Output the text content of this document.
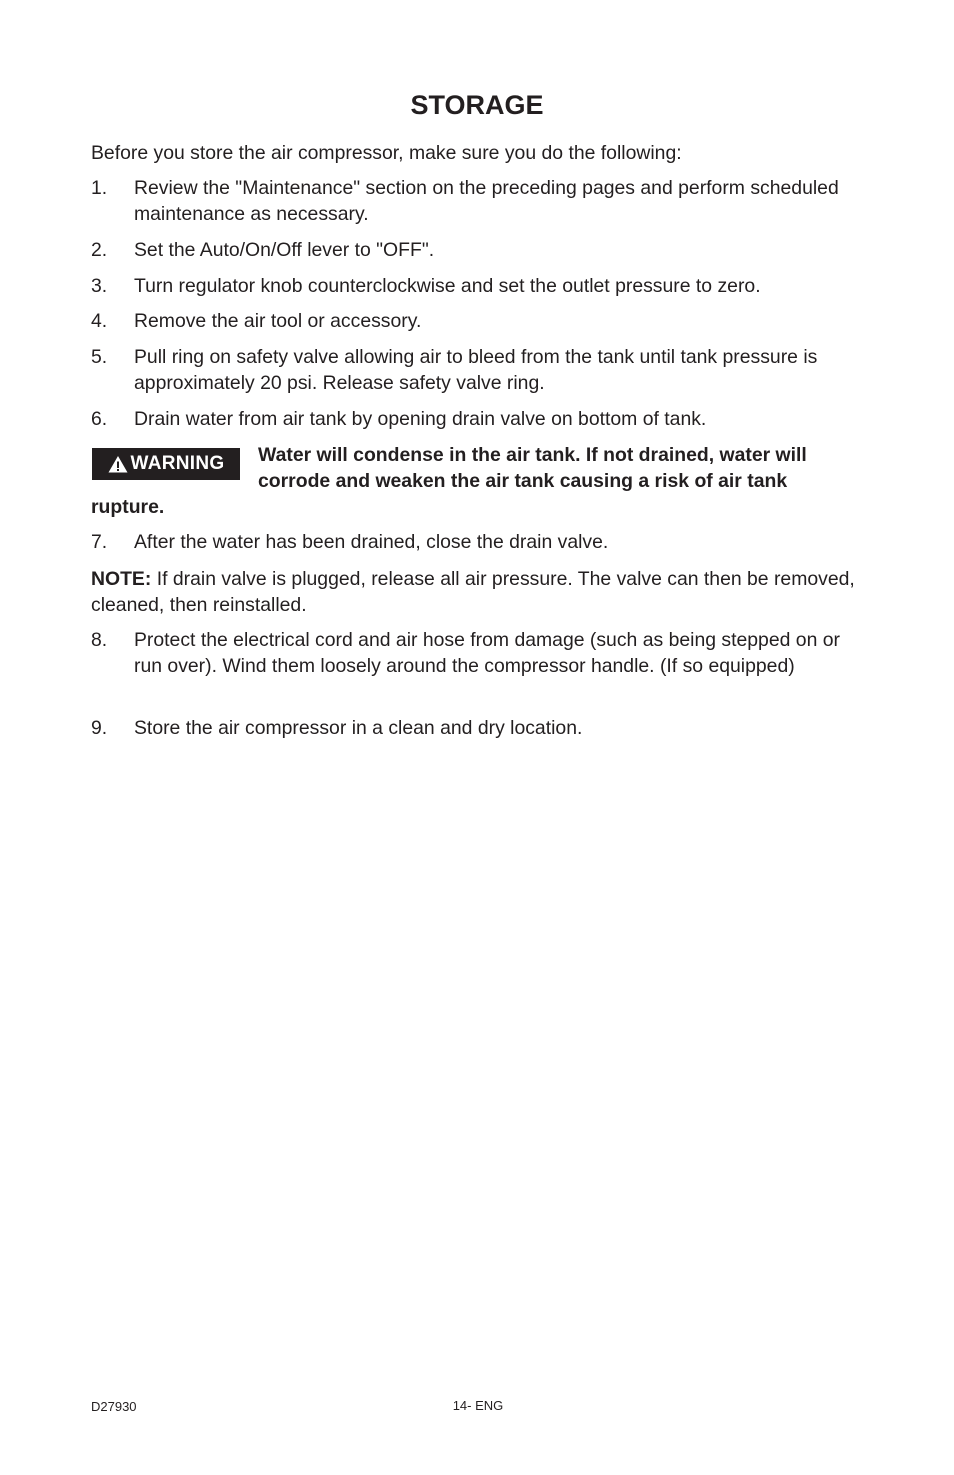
STORAGE

Before you store the air compressor, make sure you do the following:

1.	Review the "Maintenance" section on the preceding pages and perform scheduled maintenance as necessary.
2.	Set the Auto/On/Off lever to "OFF".
3.	Turn regulator knob counterclockwise and set the outlet pressure to zero.
4.	Remove the air tool or accessory.
5.	Pull ring on safety valve allowing air to bleed from the tank until tank pressure is approximately 20 psi. Release safety valve ring.
6.	Drain water from air tank by opening drain valve on bottom of tank.
WARNING Water will condense in the air tank. If not drained, water will corrode and weaken the air tank causing a risk of air tank rupture.
7.	After the water has been drained, close the drain valve.

NOTE: If drain valve is plugged, release all air pressure. The valve can then be removed, cleaned, then reinstalled.

8.	Protect the electrical cord and air hose from damage (such as being stepped on or run over). Wind them loosely around the compressor handle. (If so equipped)
9.	Store the air compressor in a clean and dry location.
D27930	14- ENG
